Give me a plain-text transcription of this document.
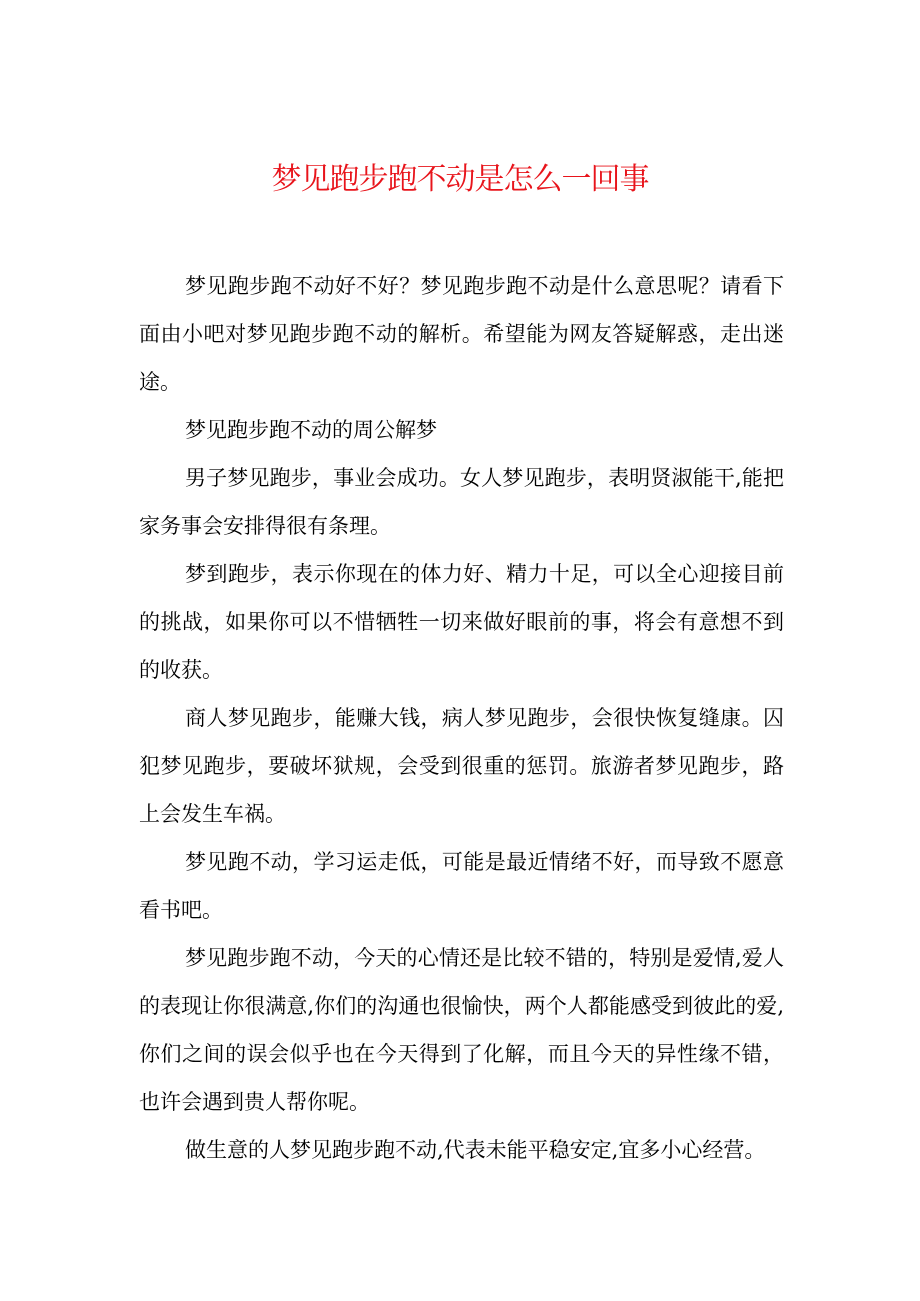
梦见跑步跑不动是怎么一回事

梦见跑步跑不动好不好？梦见跑步跑不动是什么意思呢？请看下面由小吧对梦见跑步跑不动的解析。希望能为网友答疑解惑，走出迷途。

梦见跑步跑不动的周公解梦

男子梦见跑步，事业会成功。女人梦见跑步，表明贤淑能干,能把家务事会安排得很有条理。

梦到跑步，表示你现在的体力好、精力十足，可以全心迎接目前的挑战，如果你可以不惜牺牲一切来做好眼前的事，将会有意想不到的收获。

商人梦见跑步，能赚大钱，病人梦见跑步，会很快恢复缝康。囚犯梦见跑步，要破坏狱规，会受到很重的惩罚。旅游者梦见跑步，路上会发生车祸。

梦见跑不动，学习运走低，可能是最近情绪不好，而导致不愿意看书吧。

梦见跑步跑不动，今天的心情还是比较不错的，特别是爱情,爱人的表现让你很满意,你们的沟通也很愉快，两个人都能感受到彼此的爱,你们之间的误会似乎也在今天得到了化解，而且今天的异性缘不错，也许会遇到贵人帮你呢。

做生意的人梦见跑步跑不动,代表未能平稳安定,宜多小心经营。
